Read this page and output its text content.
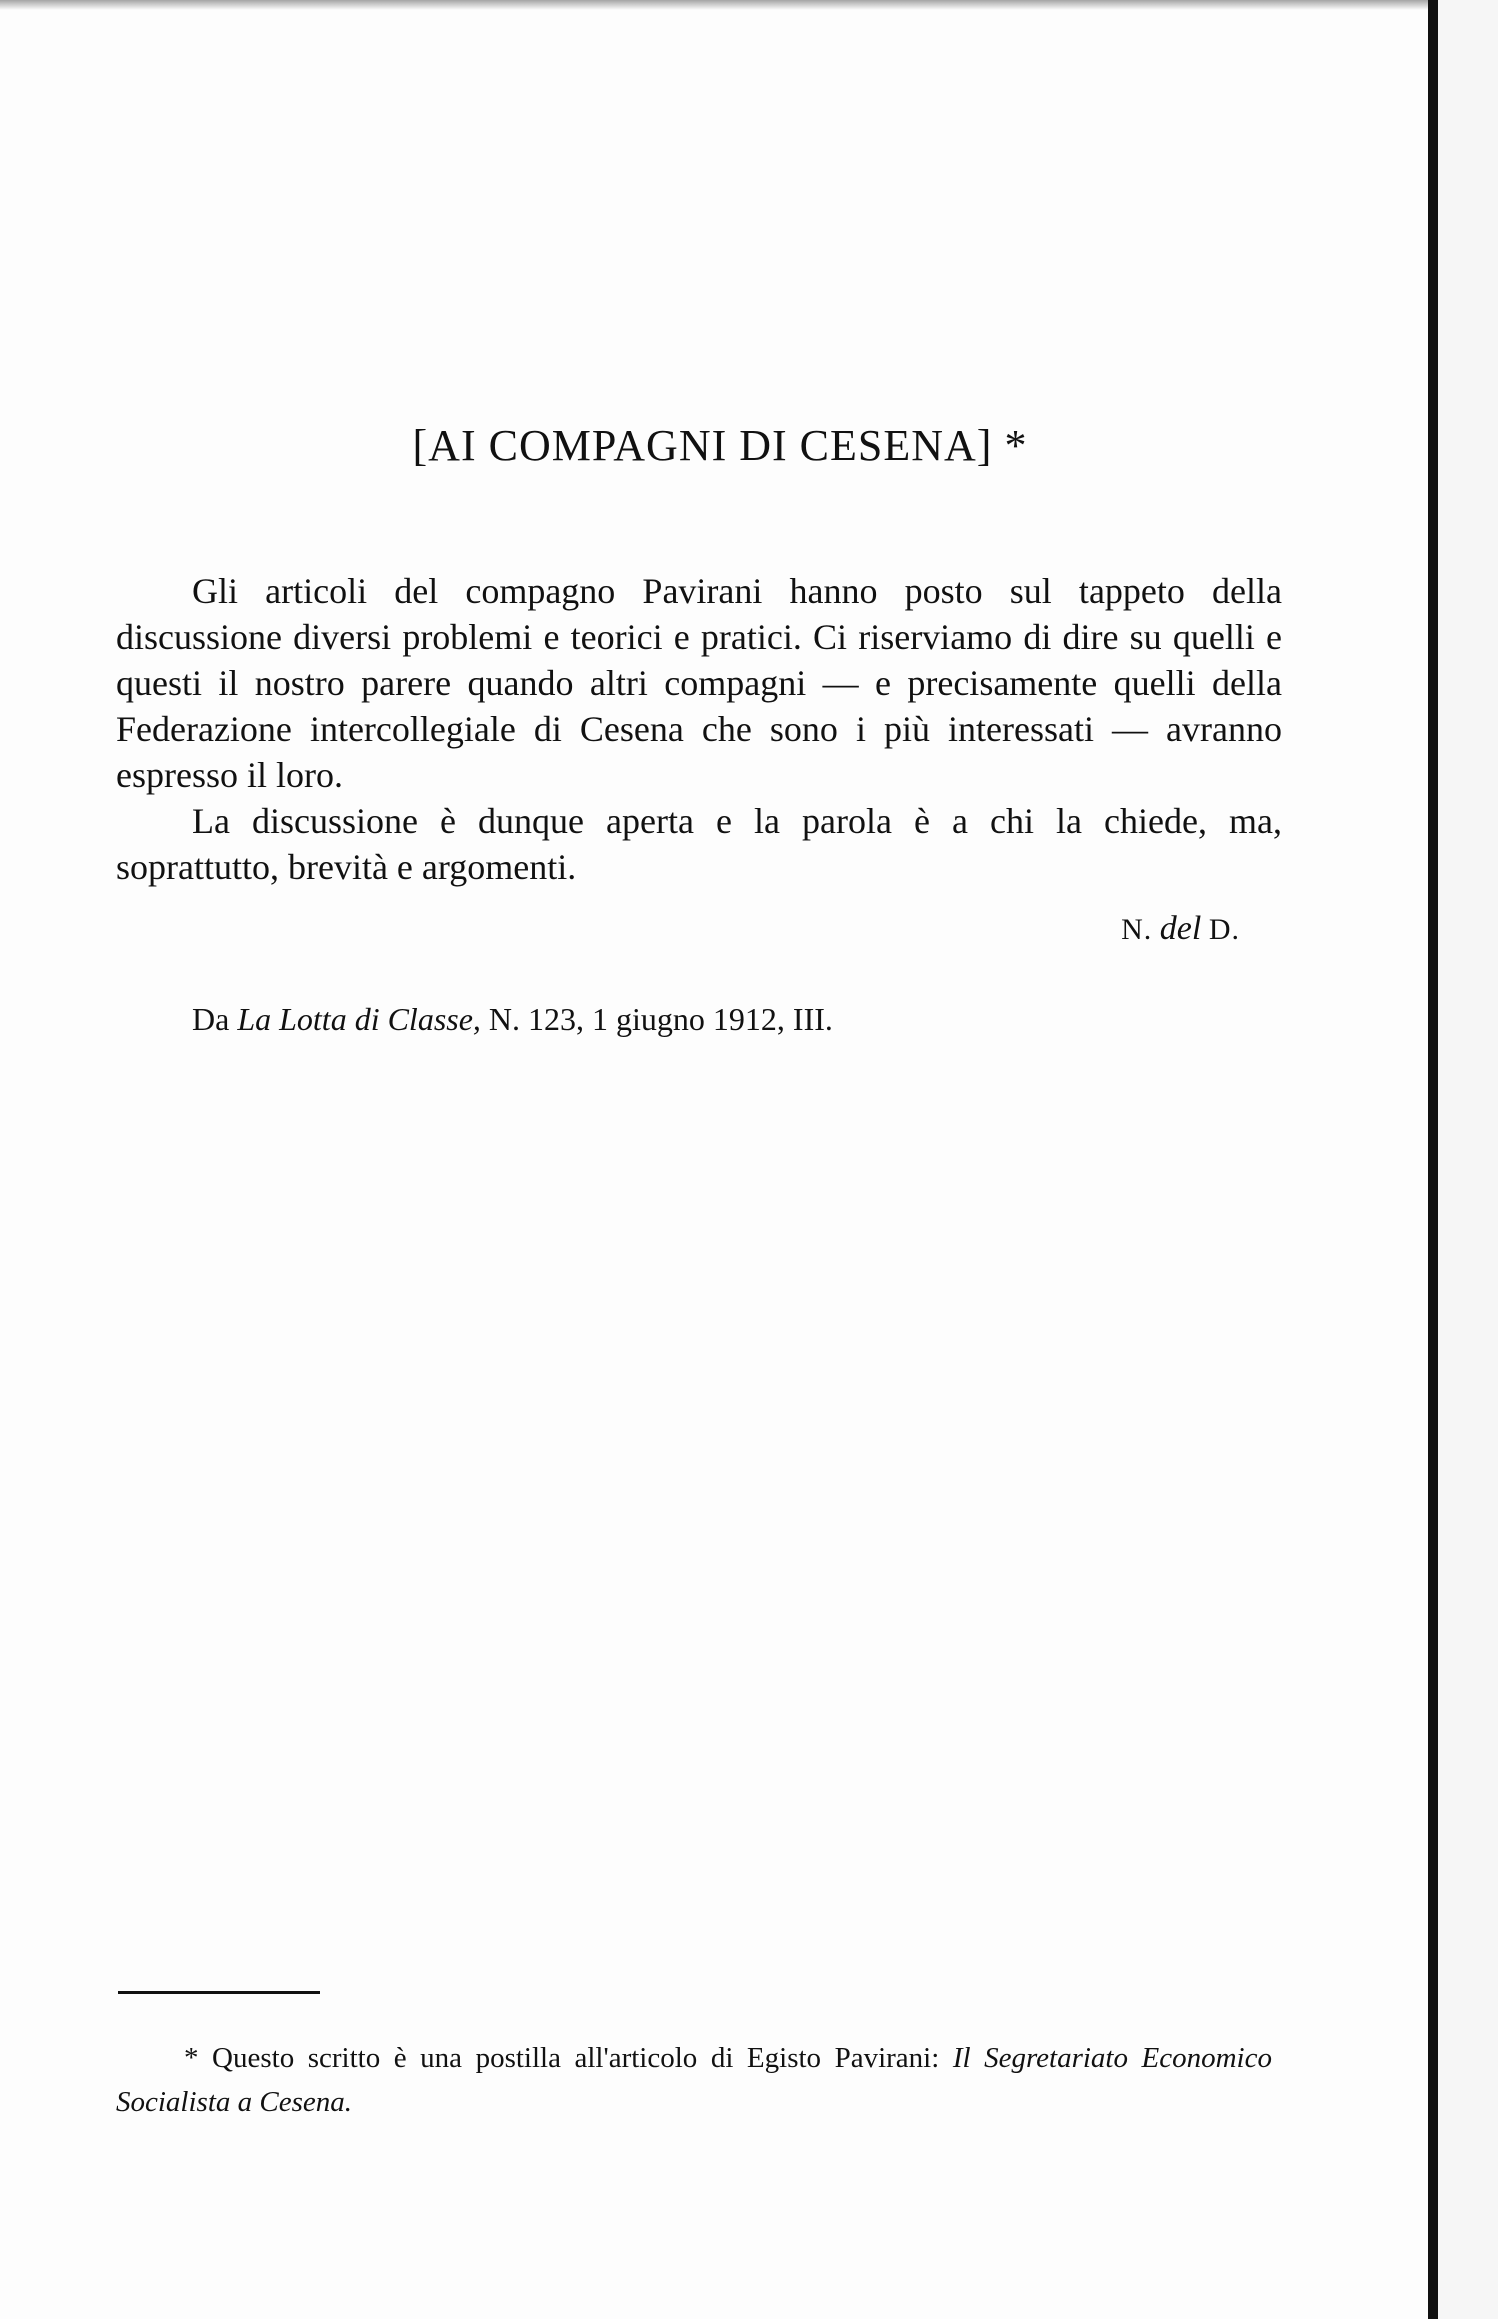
[AI COMPAGNI DI CESENA] *

Gli articoli del compagno Pavirani hanno posto sul tappeto della discussione diversi problemi e teorici e pratici. Ci riserviamo di dire su quelli e questi il nostro parere quando altri compagni — e precisamente quelli della Federazione intercollegiale di Cesena che sono i più interessati — avranno espresso il loro.

La discussione è dunque aperta e la parola è a chi la chiede, ma, soprattutto, brevità e argomenti.

N. del D.
Da La Lotta di Classe, N. 123, 1 giugno 1912, III.

* Questo scritto è una postilla all'articolo di Egisto Pavirani: Il Segretariato Economico Socialista a Cesena.
